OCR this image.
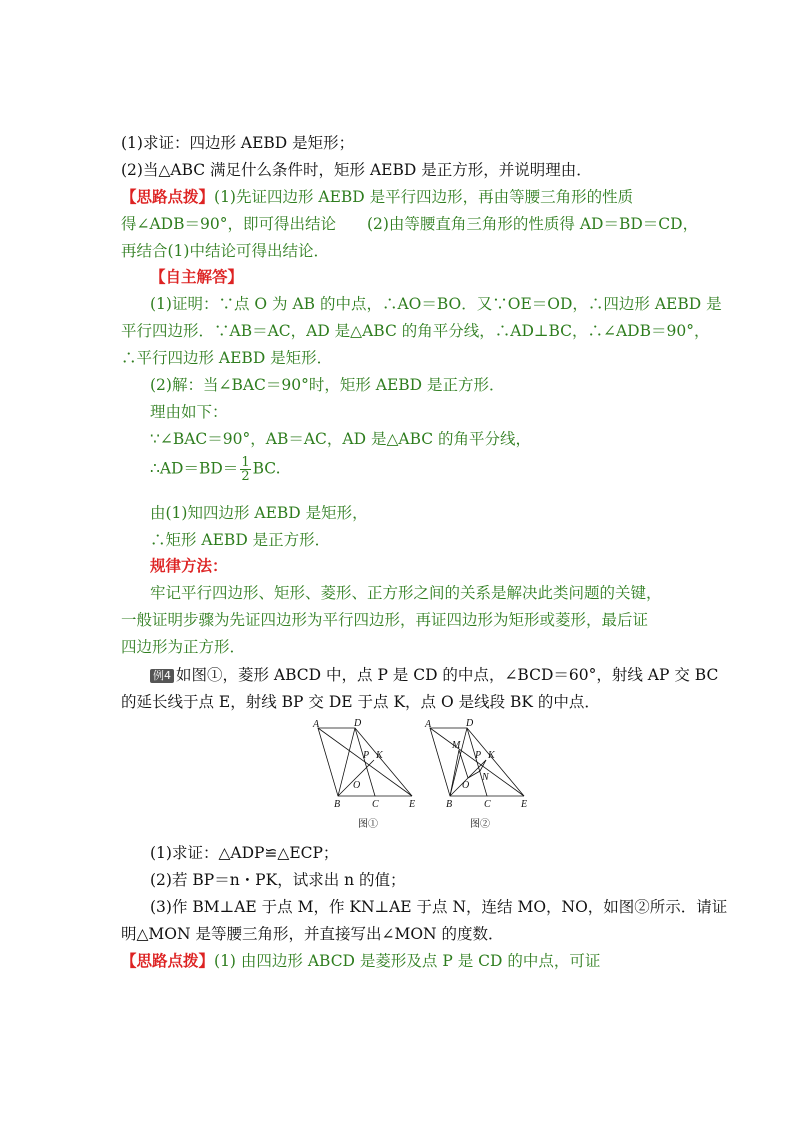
(1)求证：四边形 AEBD 是矩形；
(2)当△ABC 满足什么条件时，矩形 AEBD 是正方形，并说明理由．
【思路点拨】(1)先证四边形 AEBD 是平行四边形，再由等腰三角形的性质
得∠ADB＝90°，即可得出结论　　(2)由等腰直角三角形的性质得 AD＝BD＝CD，
再结合(1)中结论可得出结论．
【自主解答】
(1)证明：∵点 O 为 AB 的中点，∴AO＝BO．又∵OE＝OD，∴四边形 AEBD 是
平行四边形．∵AB＝AC，AD 是△ABC 的角平分线，∴AD⊥BC，∴∠ADB＝90°，
∴平行四边形 AEBD 是矩形．
(2)解：当∠BAC＝90°时，矩形 AEBD 是正方形．
理由如下：
∵∠BAC＝90°，AB＝AC，AD 是△ABC 的角平分线，
∴AD＝BD＝ $\frac{1}{2}$ BC.
由(1)知四边形 AEBD 是矩形，
∴矩形 AEBD 是正方形．
规律方法：
牢记平行四边形、矩形、菱形、正方形之间的关系是解决此类问题的关键，
一般证明步骤为先证四边形为平行四边形，再证四边形为矩形或菱形，最后证
四边形为正方形．
例4 如图①，菱形 ABCD 中，点 P 是 CD 的中点，∠BCD＝60°，射线 AP 交 BC
的延长线于点 E，射线 BP 交 DE 于点 K，点 O 是线段 BK 的中点．
A	D
P K
O
B	C	E
图①
A	D
M
P K
O
N
B	C	E
图②
(1)求证：△ADP≌△ECP；
(2)若 BP＝n・PK，试求出 n 的值；
(3)作 BM⊥AE 于点 M，作 KN⊥AE 于点 N，连结 MO，NO，如图②所示．请证
明△MON 是等腰三角形，并直接写出∠MON 的度数．
【思路点拨】(1) 由四边形 ABCD 是菱形及点 P 是 CD 的中点，可证
